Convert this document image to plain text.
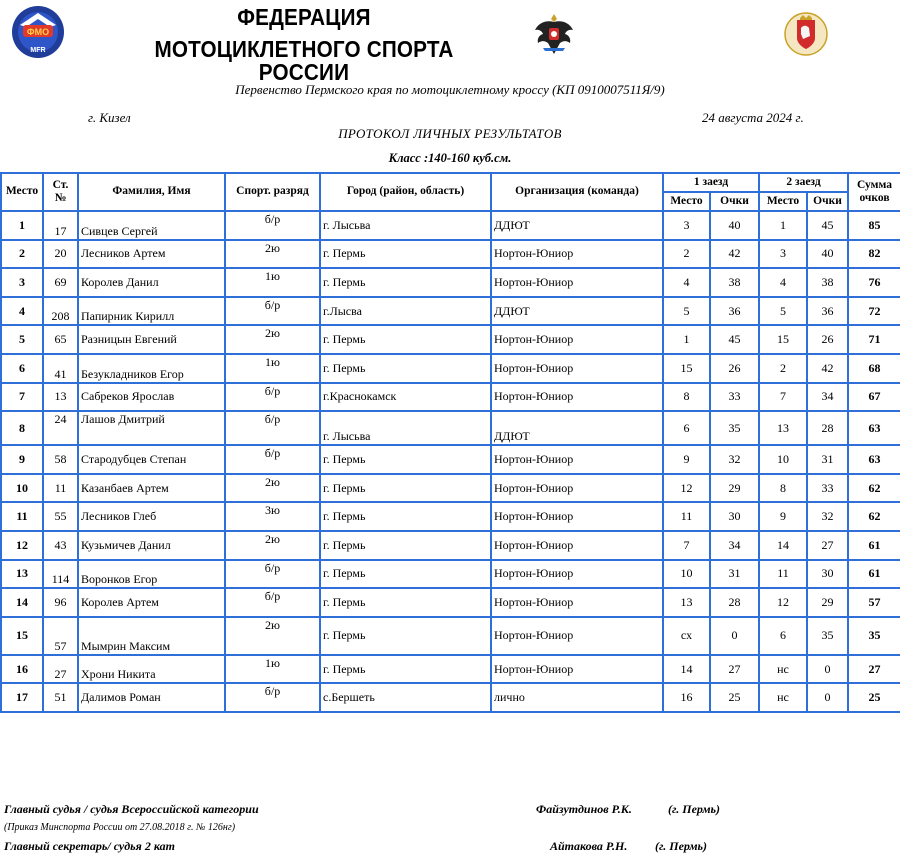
ФМО
MFR
ФЕДЕРАЦИЯ
МОТОЦИКЛЕТНОГО СПОРТА РОССИИ
Первенство Пермского края по мотоциклетному кроссу (КП 0910007511Я/9)
г. Кизел	24 августа 2024 г.
ПРОТОКОЛ ЛИЧНЫХ РЕЗУЛЬТАТОВ
Класс :140-160 куб.см.
Место	Ст.
№	Фамилия, Имя	Спорт. разряд	Город (район, область)	Организация (команда)	1 заезд		2 заезд		Сумма
очков
						Место	Очки	Место	Очки	
1	17	Сивцев Сергей	б/р	г. Лысьва	ДДЮТ	3	40	1	45	85
2	20	Лесников Артем	2ю	г. Пермь	Нортон-Юниор	2	42	3	40	82
3	69	Королев Данил	1ю	г. Пермь	Нортон-Юниор	4	38	4	38	76
4	208	Папирник Кирилл	б/р	г.Лысва	ДДЮТ	5	36	5	36	72
5	65	Разницын Евгений	2ю	г. Пермь	Нортон-Юниор	1	45	15	26	71
6	41	Безукладников Егор	1ю	г. Пермь	Нортон-Юниор	15	26	2	42	68
7	13	Сабреков Ярослав	б/р	г.Краснокамск	Нортон-Юниор	8	33	7	34	67
8	24	Лашов Дмитрий	б/р	г. Лысьва	ДДЮТ	6	35	13	28	63
9	58	Стародубцев Степан	б/р	г. Пермь	Нортон-Юниор	9	32	10	31	63
10	11	Казанбаев Артем	2ю	г. Пермь	Нортон-Юниор	12	29	8	33	62
11	55	Лесников Глеб	3ю	г. Пермь	Нортон-Юниор	11	30	9	32	62
12	43	Кузьмичев Данил	2ю	г. Пермь	Нортон-Юниор	7	34	14	27	61
13	114	Воронков Егор	б/р	г. Пермь	Нортон-Юниор	10	31	11	30	61
14	96	Королев Артем	б/р	г. Пермь	Нортон-Юниор	13	28	12	29	57
15	57	Мымрин Максим	2ю	г. Пермь	Нортон-Юниор	сх	0	6	35	35
16	27	Хрони Никита	1ю	г. Пермь	Нортон-Юниор	14	27	нс	0	27
17	51	Далимов Роман	б/р	с.Бершеть	лично	16	25	нс	0	25
Главный судья / судья Всероссийской категории	Файзутдинов Р.К.	(г. Пермь)
(Приказ Минспорта России от 27.08.2018 г. № 126нг)
Главный секретарь/ судья 2 кат	Айтакова Р.Н. (г. Пермь)
